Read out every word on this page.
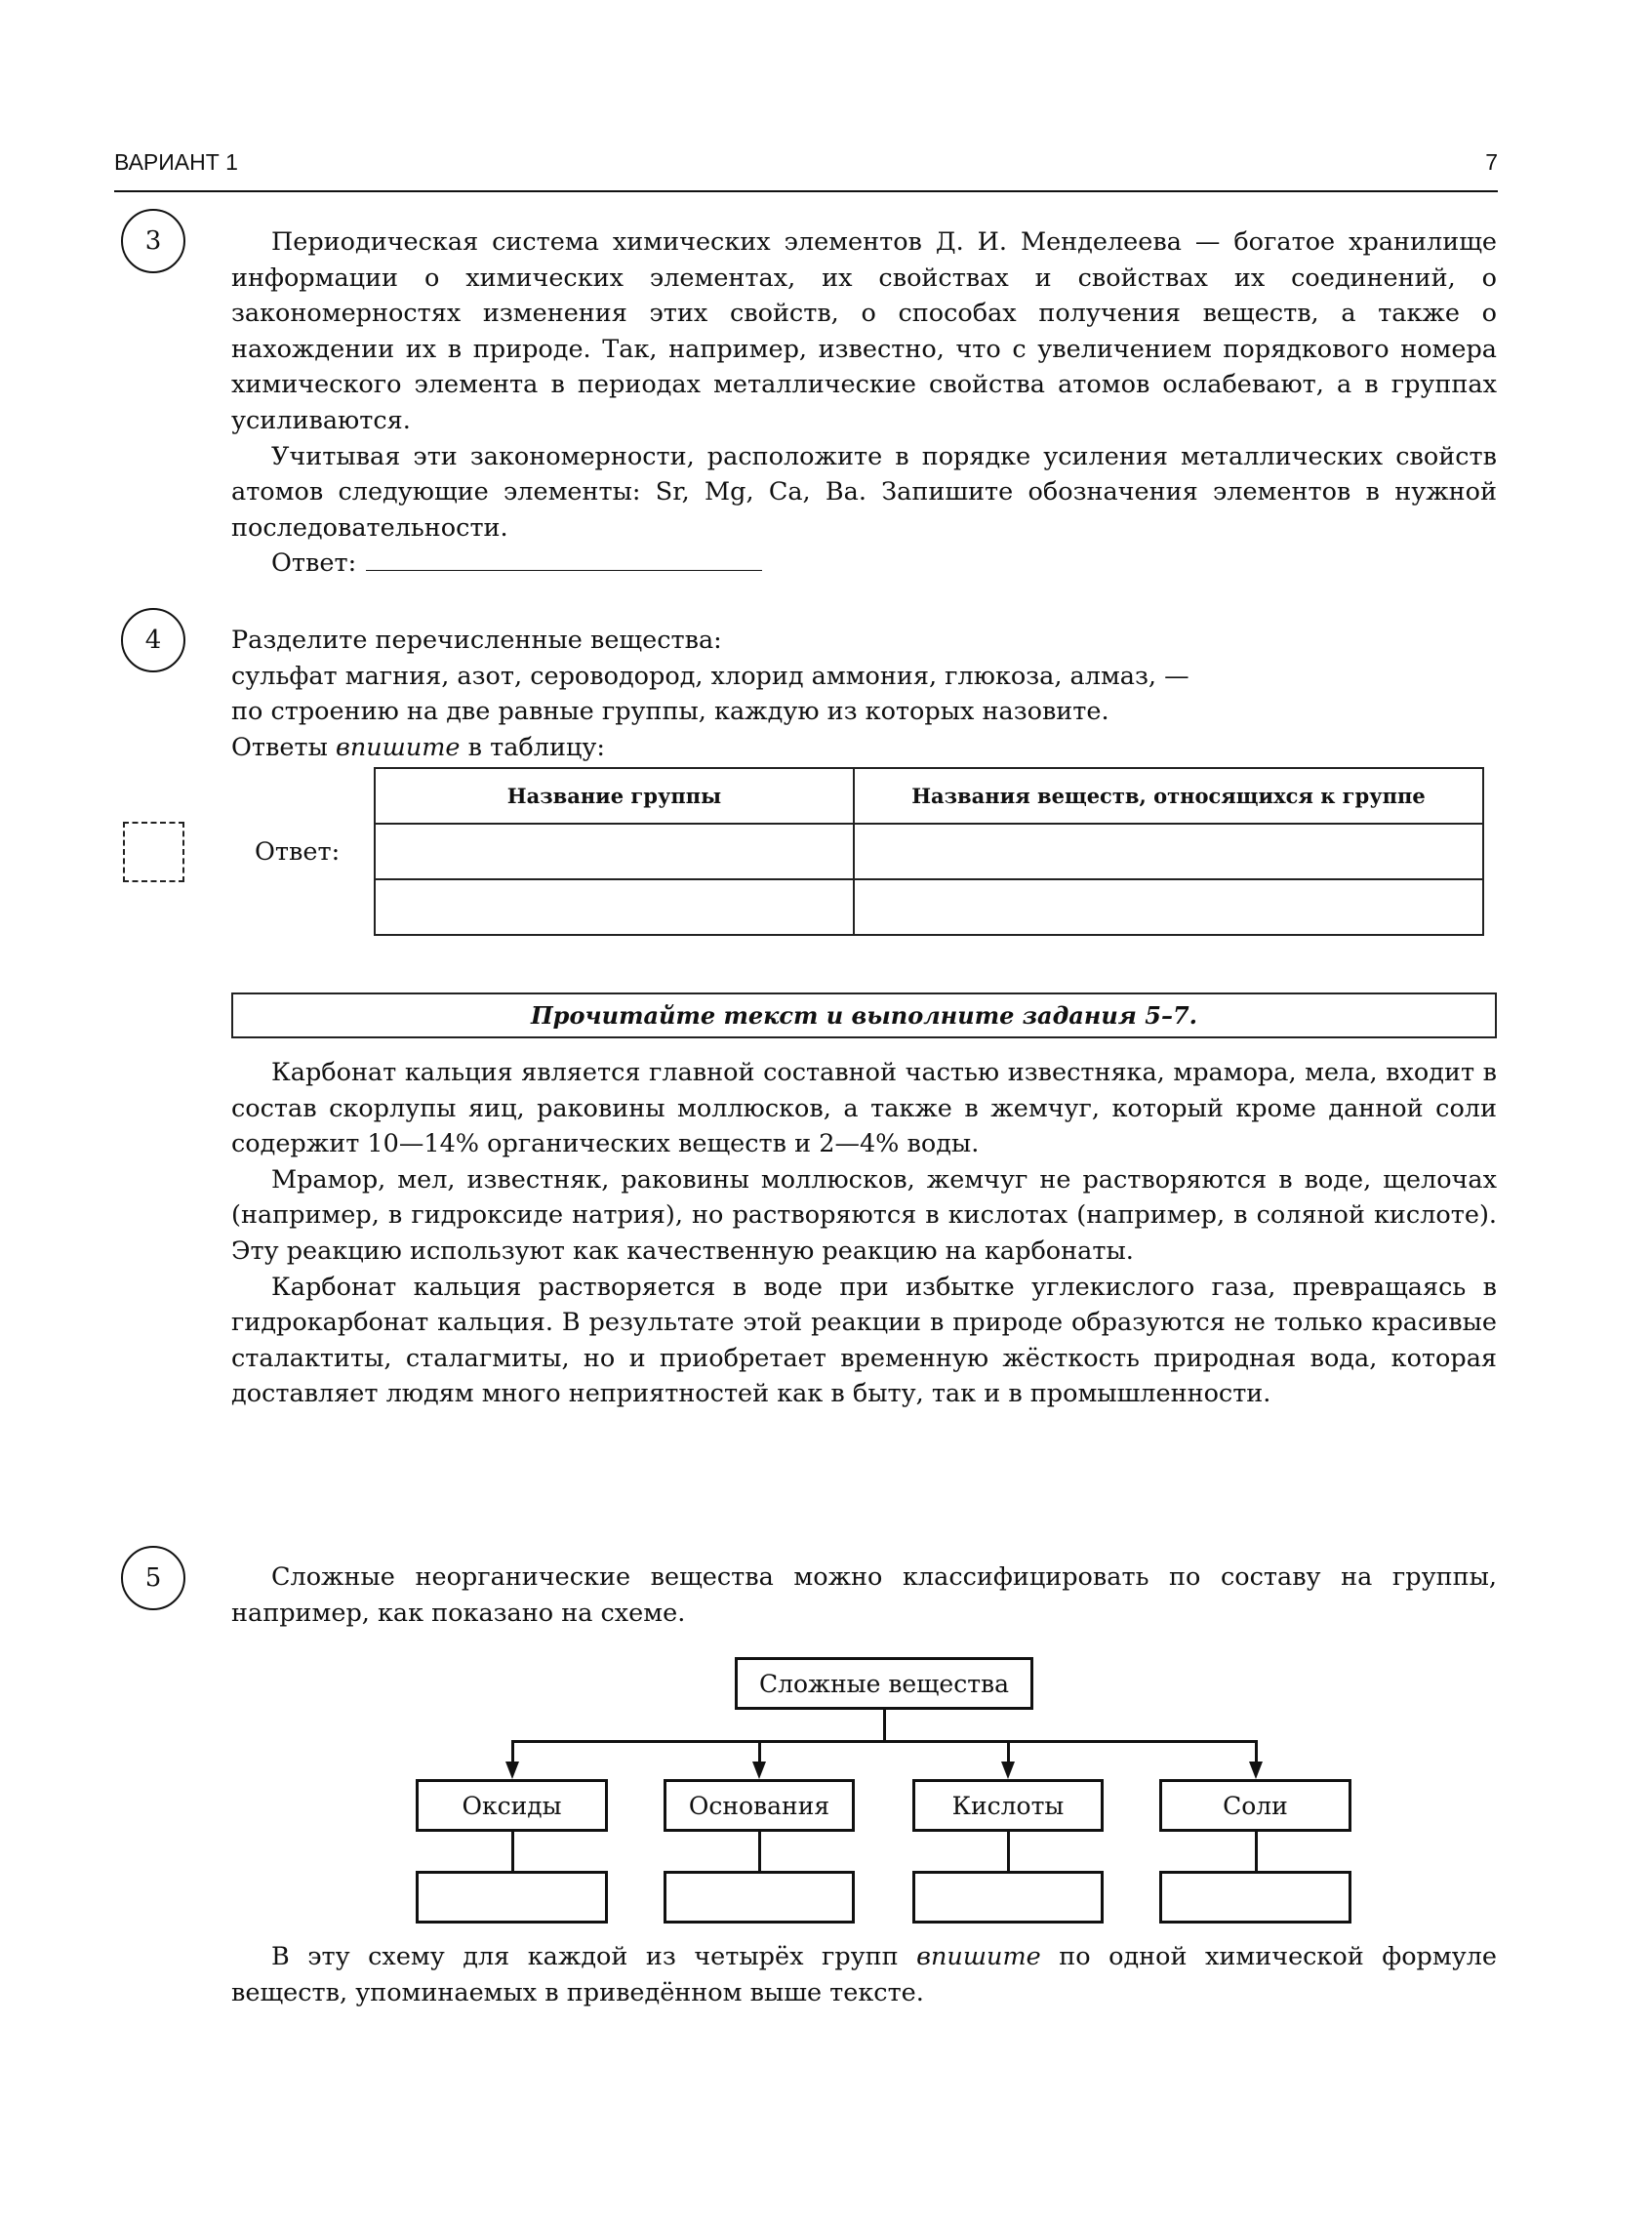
ВАРИАНТ 1	7
3	Периодическая система химических элементов Д. И. Менделеева — богатое хранилище информации о химических элементах, их свойствах и свойствах их соединений, о закономерностях изменения этих свойств, о способах получения веществ, а также о нахождении их в природе. Так, например, известно, что с увеличением порядкового номера химического элемента в периодах металлические свойства атомов ослабевают, а в группах усиливаются.

Учитывая эти закономерности, расположите в порядке усиления металлических свойств атомов следующие элементы: Sr, Mg, Ca, Ba. Запишите обозначения элементов в нужной последовательности.

Ответ:

4	Разделите перечисленные вещества:

сульфат магния, азот, сероводород, хлорид аммония, глюкоза, алмаз, —

по строению на две равные группы, каждую из которых назовите.

Ответы впишите в таблицу:

Ответ:
Название группы	Названия веществ, относящихся к группе

Прочитайте текст и выполните задания 5–7.

Карбонат кальция является главной составной частью известняка, мрамора, мела, входит в состав скорлупы яиц, раковины моллюсков, а также в жемчуг, который кроме данной соли содержит 10—14% органических веществ и 2—4% воды.

Мрамор, мел, известняк, раковины моллюсков, жемчуг не растворяются в воде, щелочах (например, в гидроксиде натрия), но растворяются в кислотах (например, в соляной кислоте). Эту реакцию используют как качественную реакцию на карбонаты.

Карбонат кальция растворяется в воде при избытке углекислого газа, превращаясь в гидрокарбонат кальция. В результате этой реакции в природе образуются не только красивые сталактиты, сталагмиты, но и приобретает временную жёсткость природная вода, которая доставляет людям много неприятностей как в быту, так и в промышленности.

5	Сложные неорганические вещества можно классифицировать по составу на группы, например, как показано на схеме.

Сложные вещества
Оксиды	Основания	Кислоты	Соли

В эту схему для каждой из четырёх групп впишите по одной химической формуле веществ, упоминаемых в приведённом выше тексте.
